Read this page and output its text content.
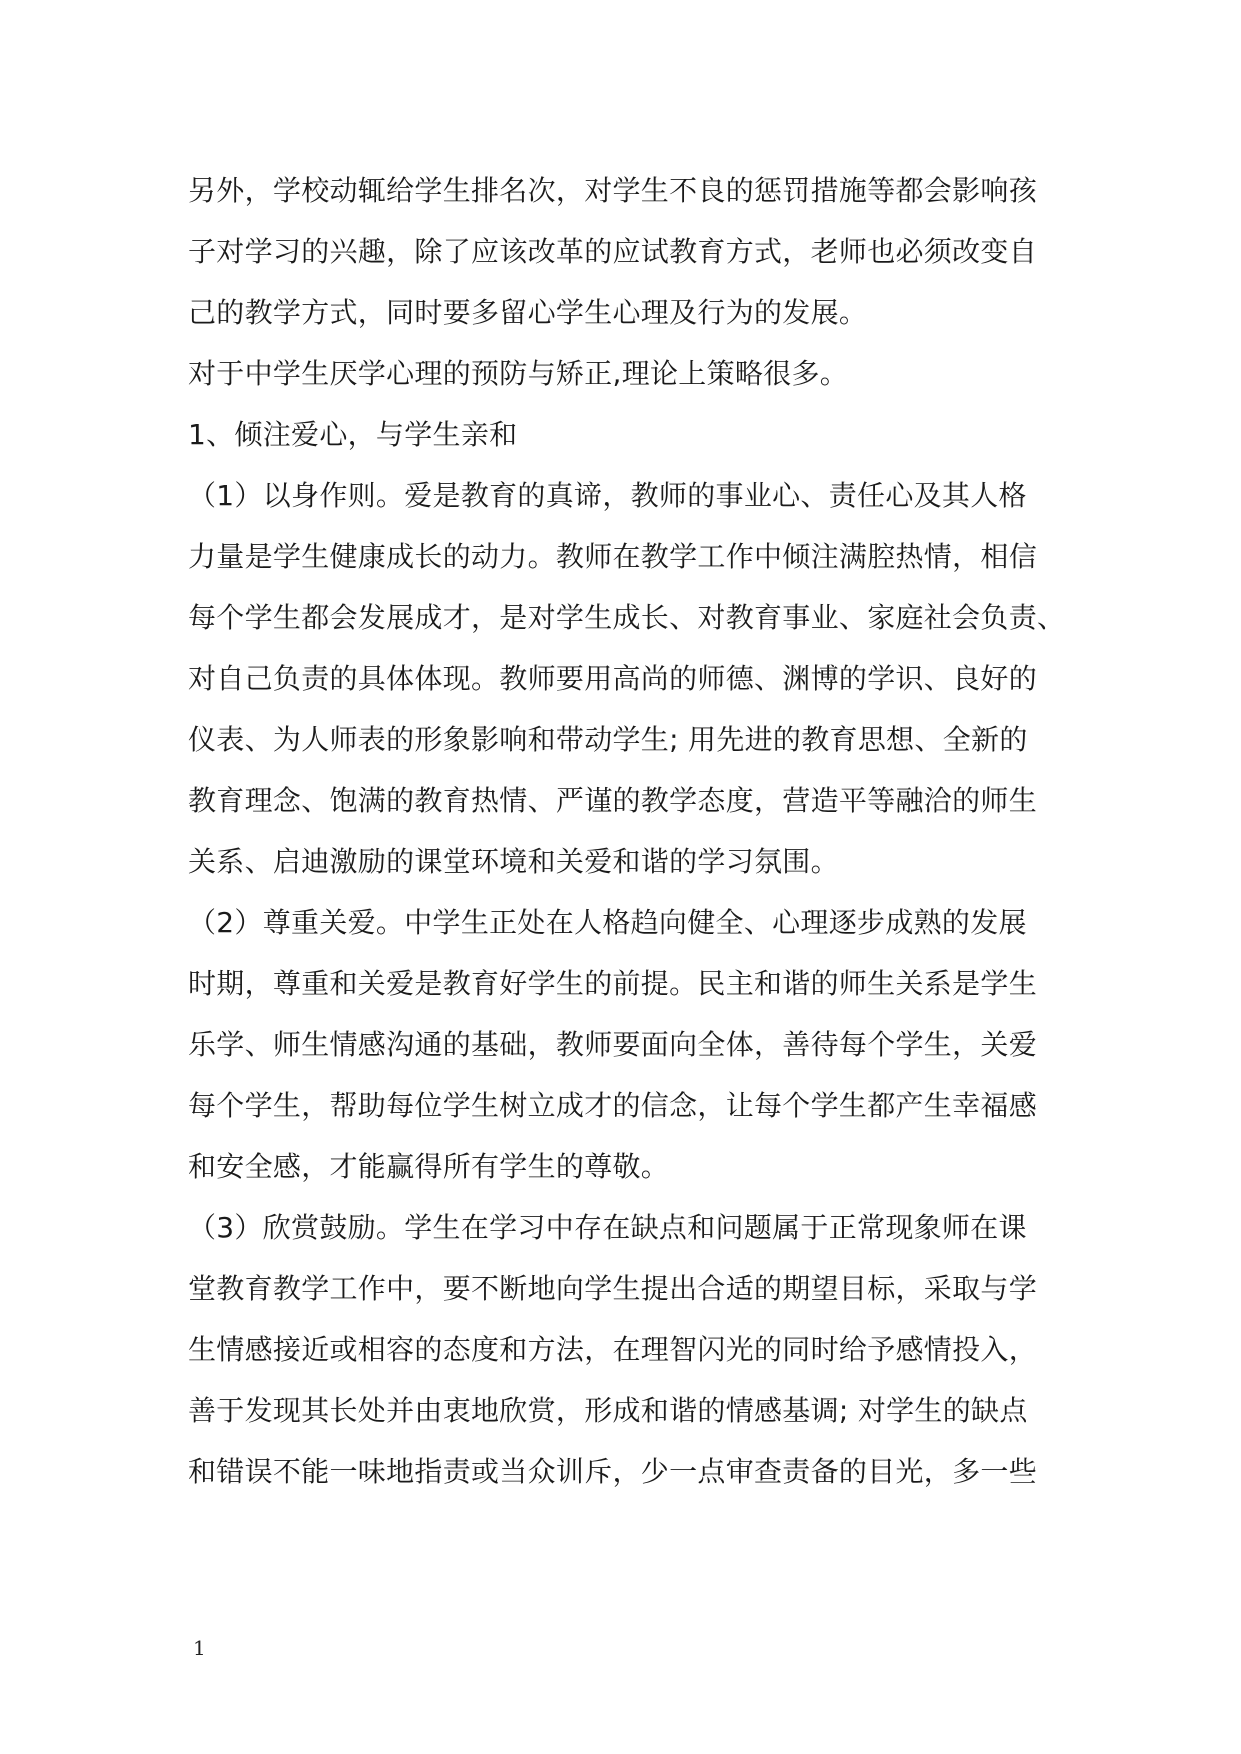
另外，学校动辄给学生排名次，对学生不良的惩罚措施等都会影响孩
子对学习的兴趣，除了应该改革的应试教育方式，老师也必须改变自
己的教学方式，同时要多留心学生心理及行为的发展。
对于中学生厌学心理的预防与矫正,理论上策略很多。
1、倾注爱心，与学生亲和
（1）以身作则。爱是教育的真谛，教师的事业心、责任心及其人格
力量是学生健康成长的动力。教师在教学工作中倾注满腔热情，相信
每个学生都会发展成才，是对学生成长、对教育事业、家庭社会负责、
对自己负责的具体体现。教师要用高尚的师德、渊博的学识、良好的
仪表、为人师表的形象影响和带动学生; 用先进的教育思想、全新的
教育理念、饱满的教育热情、严谨的教学态度，营造平等融洽的师生
关系、启迪激励的课堂环境和关爱和谐的学习氛围。
（2）尊重关爱。中学生正处在人格趋向健全、心理逐步成熟的发展
时期，尊重和关爱是教育好学生的前提。民主和谐的师生关系是学生
乐学、师生情感沟通的基础，教师要面向全体，善待每个学生，关爱
每个学生，帮助每位学生树立成才的信念，让每个学生都产生幸福感
和安全感，才能赢得所有学生的尊敬。
（3）欣赏鼓励。学生在学习中存在缺点和问题属于正常现象师在课
堂教育教学工作中，要不断地向学生提出合适的期望目标，采取与学
生情感接近或相容的态度和方法，在理智闪光的同时给予感情投入，
善于发现其长处并由衷地欣赏，形成和谐的情感基调; 对学生的缺点
和错误不能一味地指责或当众训斥，少一点审查责备的目光，多一些
1
